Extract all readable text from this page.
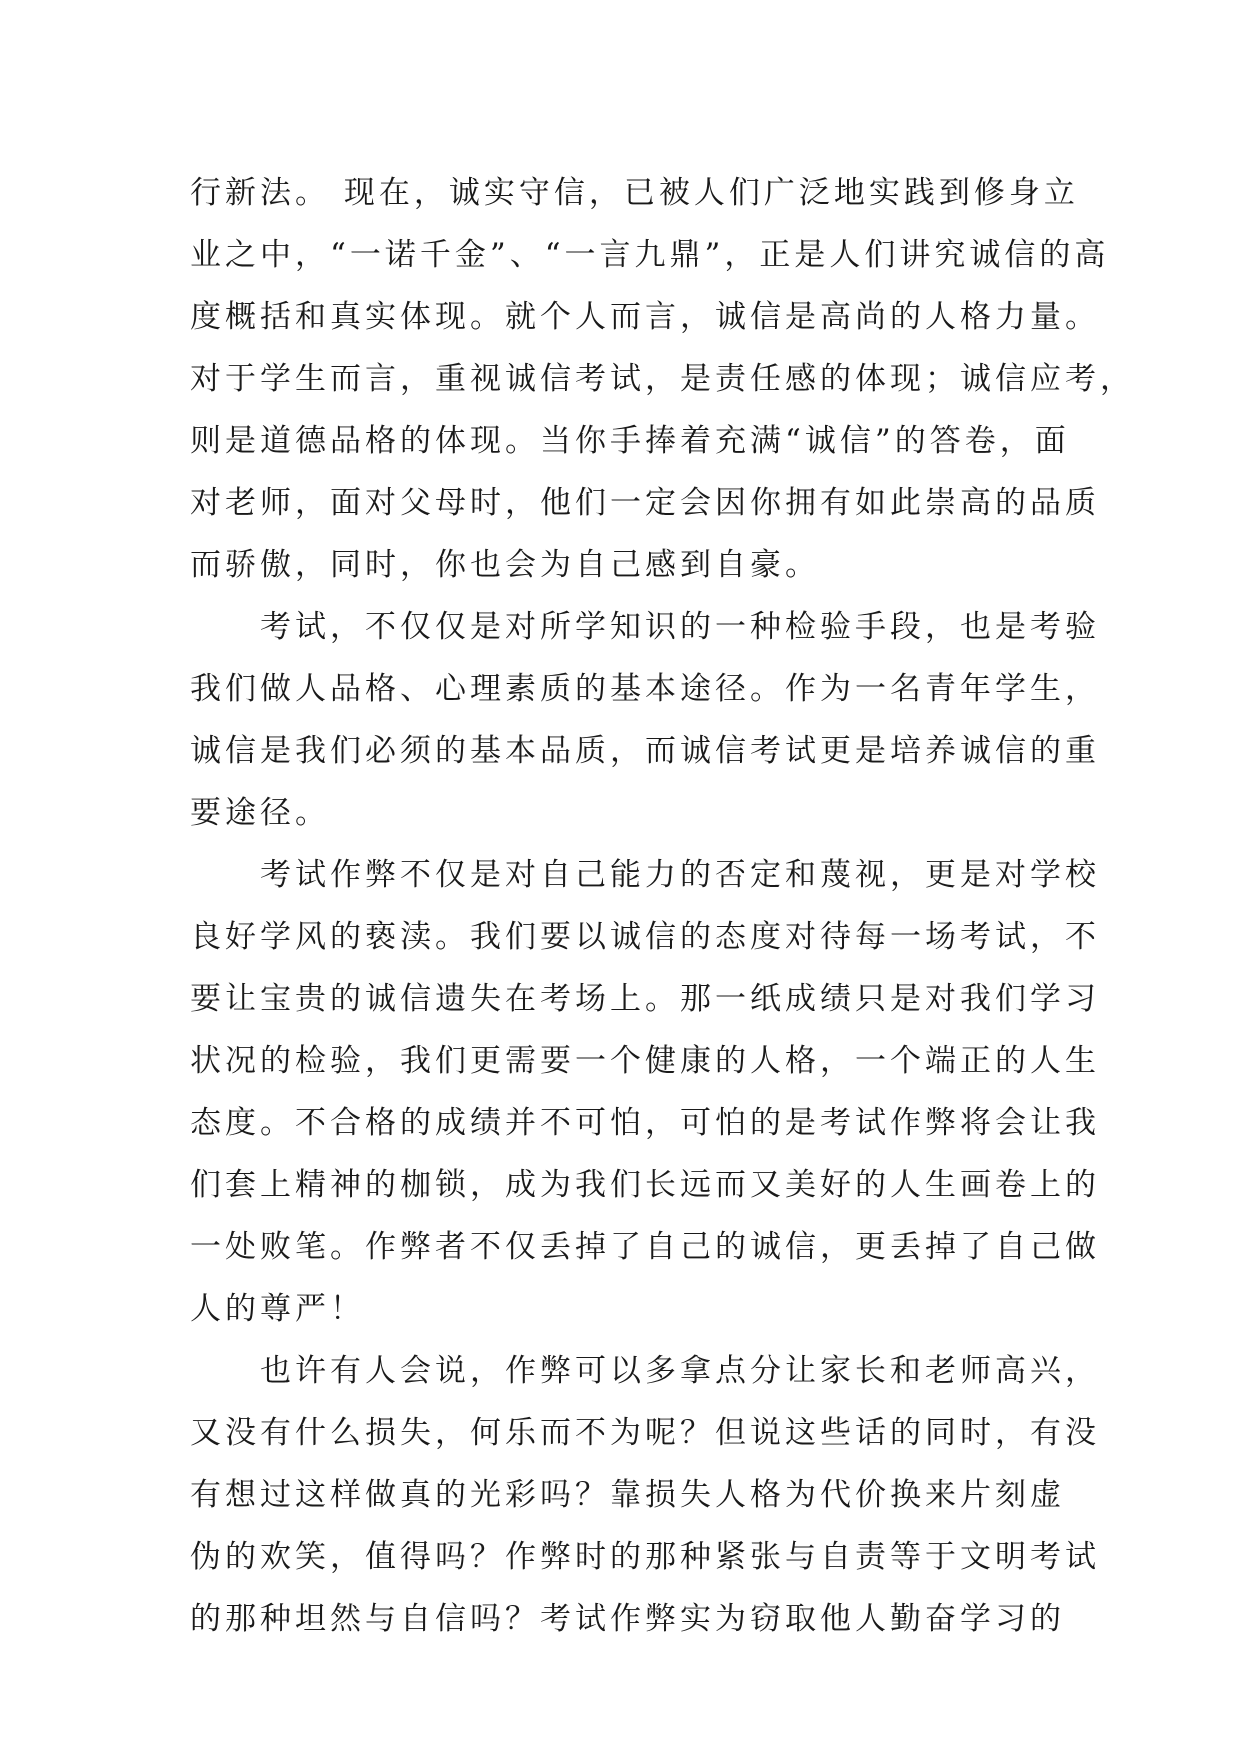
行新法。 现在，诚实守信，已被人们广泛地实践到修身立
业之中，“一诺千金”、“一言九鼎”，正是人们讲究诚信的高
度概括和真实体现。就个人而言，诚信是高尚的人格力量。
对于学生而言，重视诚信考试，是责任感的体现；诚信应考，
则是道德品格的体现。当你手捧着充满“诚信”的答卷，面
对老师，面对父母时，他们一定会因你拥有如此崇高的品质
而骄傲，同时，你也会为自己感到自豪。
　　考试，不仅仅是对所学知识的一种检验手段，也是考验
我们做人品格、心理素质的基本途径。作为一名青年学生，
诚信是我们必须的基本品质，而诚信考试更是培养诚信的重
要途径。
　　考试作弊不仅是对自己能力的否定和蔑视，更是对学校
良好学风的亵渎。我们要以诚信的态度对待每一场考试，不
要让宝贵的诚信遗失在考场上。那一纸成绩只是对我们学习
状况的检验，我们更需要一个健康的人格，一个端正的人生
态度。不合格的成绩并不可怕，可怕的是考试作弊将会让我
们套上精神的枷锁，成为我们长远而又美好的人生画卷上的
一处败笔。作弊者不仅丢掉了自己的诚信，更丢掉了自己做
人的尊严！
　　也许有人会说，作弊可以多拿点分让家长和老师高兴，
又没有什么损失，何乐而不为呢？但说这些话的同时，有没
有想过这样做真的光彩吗？靠损失人格为代价换来片刻虚
伪的欢笑，值得吗？作弊时的那种紧张与自责等于文明考试
的那种坦然与自信吗？考试作弊实为窃取他人勤奋学习的
